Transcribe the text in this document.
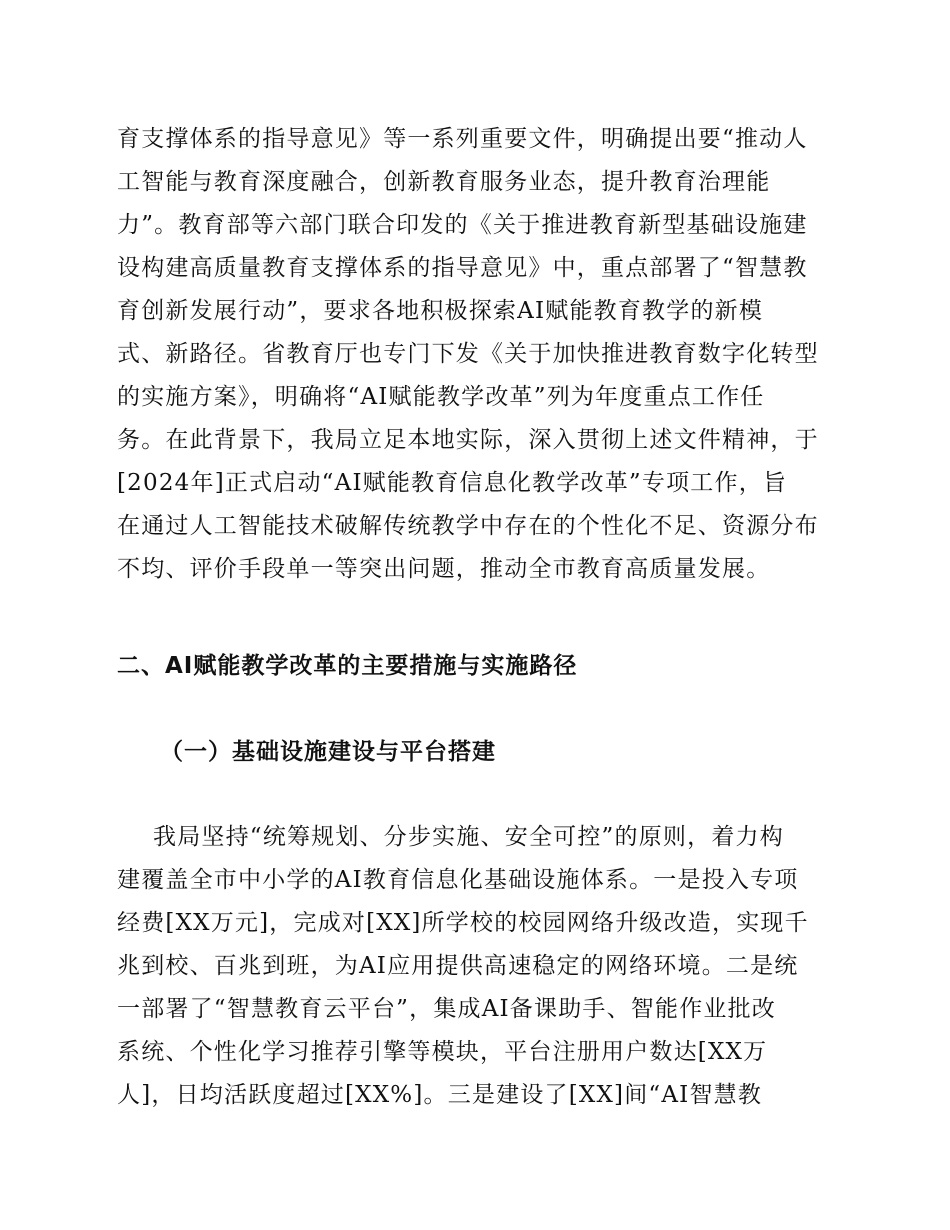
育支撑体系的指导意见》等一系列重要文件，明确提出要“推动人
工智能与教育深度融合，创新教育服务业态，提升教育治理能
力”。教育部等六部门联合印发的《关于推进教育新型基础设施建
设构建高质量教育支撑体系的指导意见》中，重点部署了“智慧教
育创新发展行动”，要求各地积极探索AI赋能教育教学的新模
式、新路径。省教育厅也专门下发《关于加快推进教育数字化转型
的实施方案》，明确将“AI赋能教学改革”列为年度重点工作任
务。在此背景下，我局立足本地实际，深入贯彻上述文件精神，于
[2024年]正式启动“AI赋能教育信息化教学改革”专项工作，旨
在通过人工智能技术破解传统教学中存在的个性化不足、资源分布
不均、评价手段单一等突出问题，推动全市教育高质量发展。
二、AI赋能教学改革的主要措施与实施路径
（一）基础设施建设与平台搭建
我局坚持“统筹规划、分步实施、安全可控”的原则，着力构
建覆盖全市中小学的AI教育信息化基础设施体系。一是投入专项
经费[XX万元]，完成对[XX]所学校的校园网络升级改造，实现千
兆到校、百兆到班，为AI应用提供高速稳定的网络环境。二是统
一部署了“智慧教育云平台”，集成AI备课助手、智能作业批改
系统、个性化学习推荐引擎等模块，平台注册用户数达[XX万
人]，日均活跃度超过[XX%]。三是建设了[XX]间“AI智慧教
